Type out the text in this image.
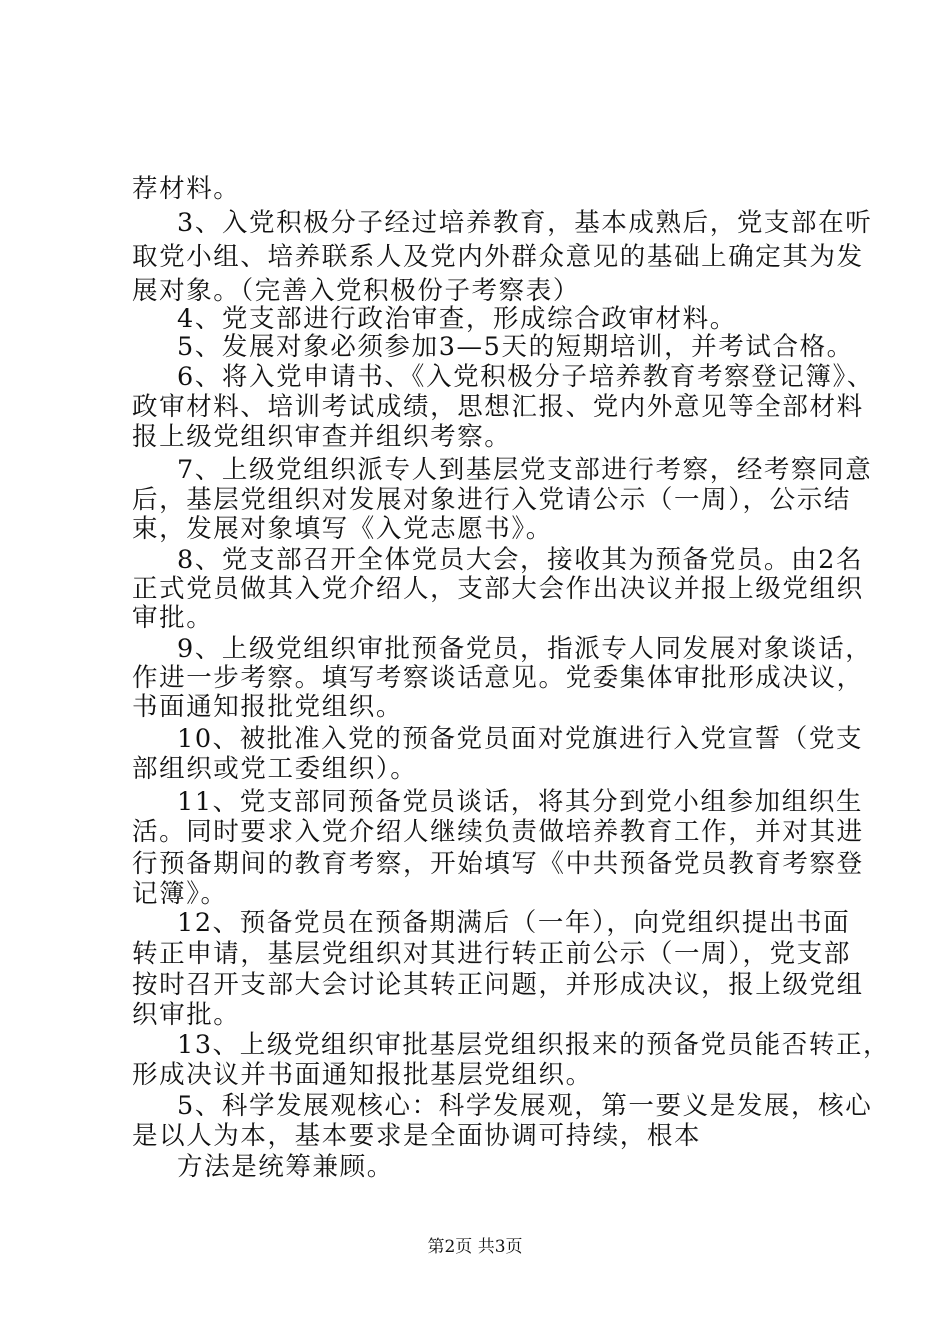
荐材料。
3、入党积极分子经过培养教育，基本成熟后，党支部在听
取党小组、培养联系人及党内外群众意见的基础上确定其为发
展对象。（完善入党积极份子考察表）
4、党支部进行政治审查，形成综合政审材料。
5、发展对象必须参加3—5天的短期培训，并考试合格。
6、将入党申请书、《入党积极分子培养教育考察登记簿》、
政审材料、培训考试成绩，思想汇报、党内外意见等全部材料
报上级党组织审查并组织考察。
7、上级党组织派专人到基层党支部进行考察，经考察同意
后，基层党组织对发展对象进行入党请公示（一周），公示结
束，发展对象填写《入党志愿书》。
8、党支部召开全体党员大会，接收其为预备党员。由2名
正式党员做其入党介绍人，支部大会作出决议并报上级党组织
审批。
9、上级党组织审批预备党员，指派专人同发展对象谈话，
作进一步考察。填写考察谈话意见。党委集体审批形成决议，
书面通知报批党组织。
10、被批准入党的预备党员面对党旗进行入党宣誓（党支
部组织或党工委组织）。
11、党支部同预备党员谈话，将其分到党小组参加组织生
活。同时要求入党介绍人继续负责做培养教育工作，并对其进
行预备期间的教育考察，开始填写《中共预备党员教育考察登
记簿》。
12、预备党员在预备期满后（一年），向党组织提出书面
转正申请，基层党组织对其进行转正前公示（一周），党支部
按时召开支部大会讨论其转正问题，并形成决议，报上级党组
织审批。
13、上级党组织审批基层党组织报来的预备党员能否转正，
形成决议并书面通知报批基层党组织。
5、科学发展观核心：科学发展观，第一要义是发展，核心
是以人为本，基本要求是全面协调可持续，根本
方法是统筹兼顾。
第2页 共3页
